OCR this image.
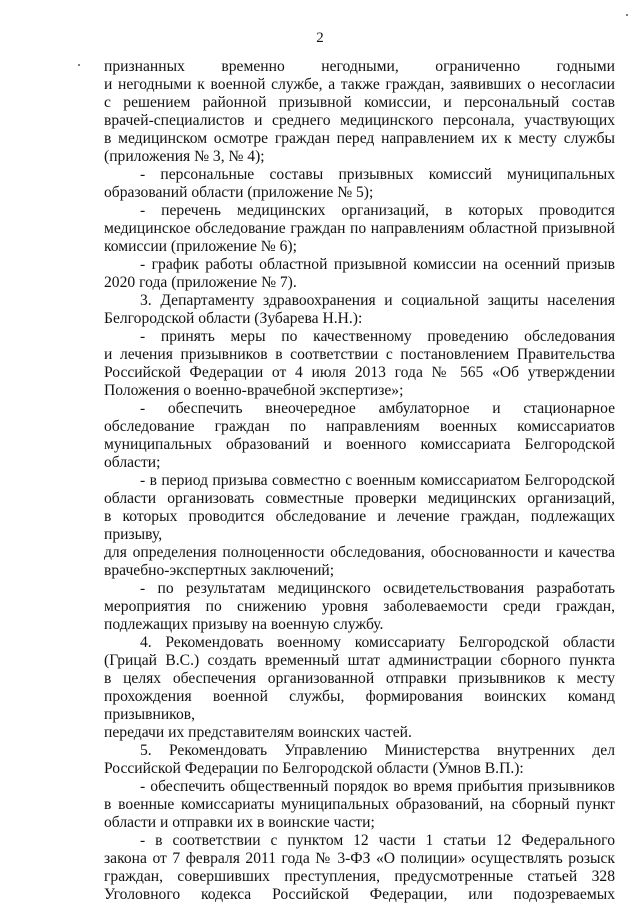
2

признанных временно негодными, ограниченно годными

и негодными к военной службе, а также граждан, заявивших о несогласии

с решением районной призывной комиссии, и персональный состав

врачей-специалистов и среднего медицинского персонала, участвующих

в медицинском осмотре граждан перед направлением их к месту службы

(приложения № 3, № 4);

- персональные составы призывных комиссий муниципальных

образований области (приложение № 5);

- перечень медицинских организаций, в которых проводится

медицинское обследование граждан по направлениям областной призывной

комиссии (приложение № 6);

- график работы областной призывной комиссии на осенний призыв

2020 года (приложение № 7).

3. Департаменту здравоохранения и социальной защиты населения

Белгородской области (Зубарева Н.Н.):

- принять меры по качественному проведению обследования

и лечения призывников в соответствии с постановлением Правительства

Российской Федерации от 4 июля 2013 года № 565 «Об утверждении

Положения о военно-врачебной экспертизе»;

- обеспечить внеочередное амбулаторное и стационарное

обследование граждан по направлениям военных комиссариатов

муниципальных образований и военного комиссариата Белгородской области;

- в период призыва совместно с военным комиссариатом Белгородской

области организовать совместные проверки медицинских организаций,

в которых проводится обследование и лечение граждан, подлежащих призыву,

для определения полноценности обследования, обоснованности и качества

врачебно-экспертных заключений;

- по результатам медицинского освидетельствования разработать

мероприятия по снижению уровня заболеваемости среди граждан,

подлежащих призыву на военную службу.

4. Рекомендовать военному комиссариату Белгородской области

(Грицай В.С.) создать временный штат администрации сборного пункта

в целях обеспечения организованной отправки призывников к месту

прохождения военной службы, формирования воинских команд призывников,

передачи их представителям воинских частей.

5. Рекомендовать Управлению Министерства внутренних дел

Российской Федерации по Белгородской области (Умнов В.П.):

- обеспечить общественный порядок во время прибытия призывников

в военные комиссариаты муниципальных образований, на сборный пункт

области и отправки их в воинские части;

- в соответствии с пунктом 12 части 1 статьи 12 Федерального

закона от 7 февраля 2011 года № 3-ФЗ «О полиции» осуществлять розыск

граждан, совершивших преступления, предусмотренные статьей 328

Уголовного кодекса Российской Федерации, или подозреваемых
